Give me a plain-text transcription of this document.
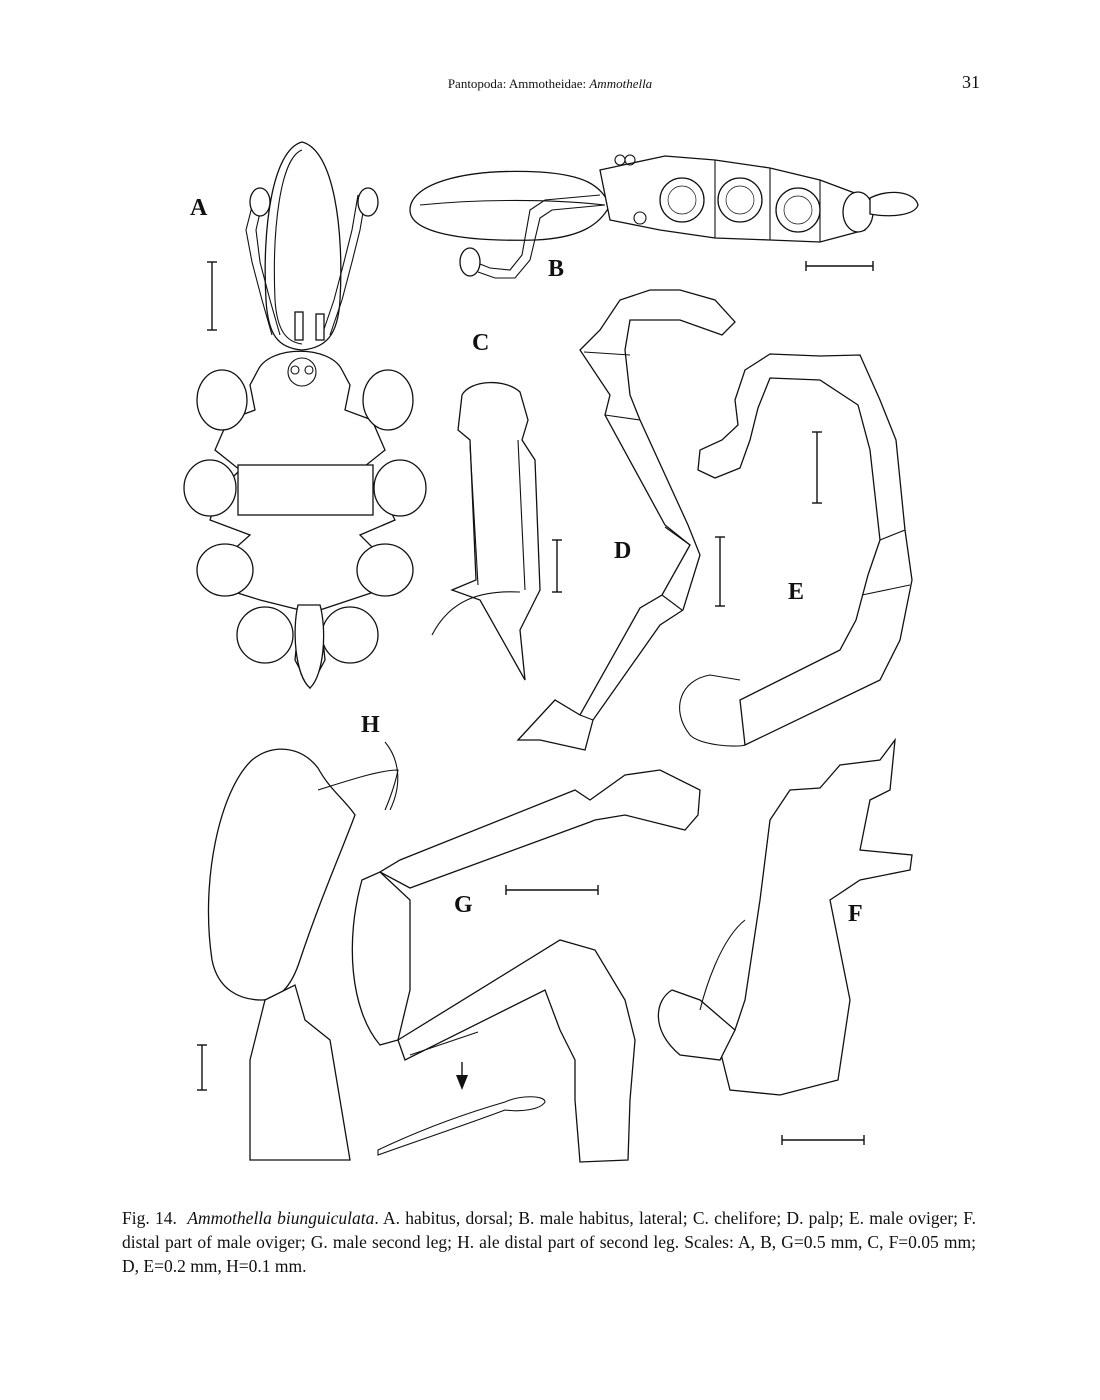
Pantopoda: Ammotheidae: Ammothella	31
A
B
C
D
E
F
G
H
Fig. 14. Ammothella biunguiculata. A. habitus, dorsal; B. male habitus, lateral; C. chelifore; D. palp; E. male oviger; F. distal part of male oviger; G. male second leg; H. ale distal part of second leg. Scales: A, B, G=0.5 mm, C, F=0.05 mm; D, E=0.2 mm, H=0.1 mm.
